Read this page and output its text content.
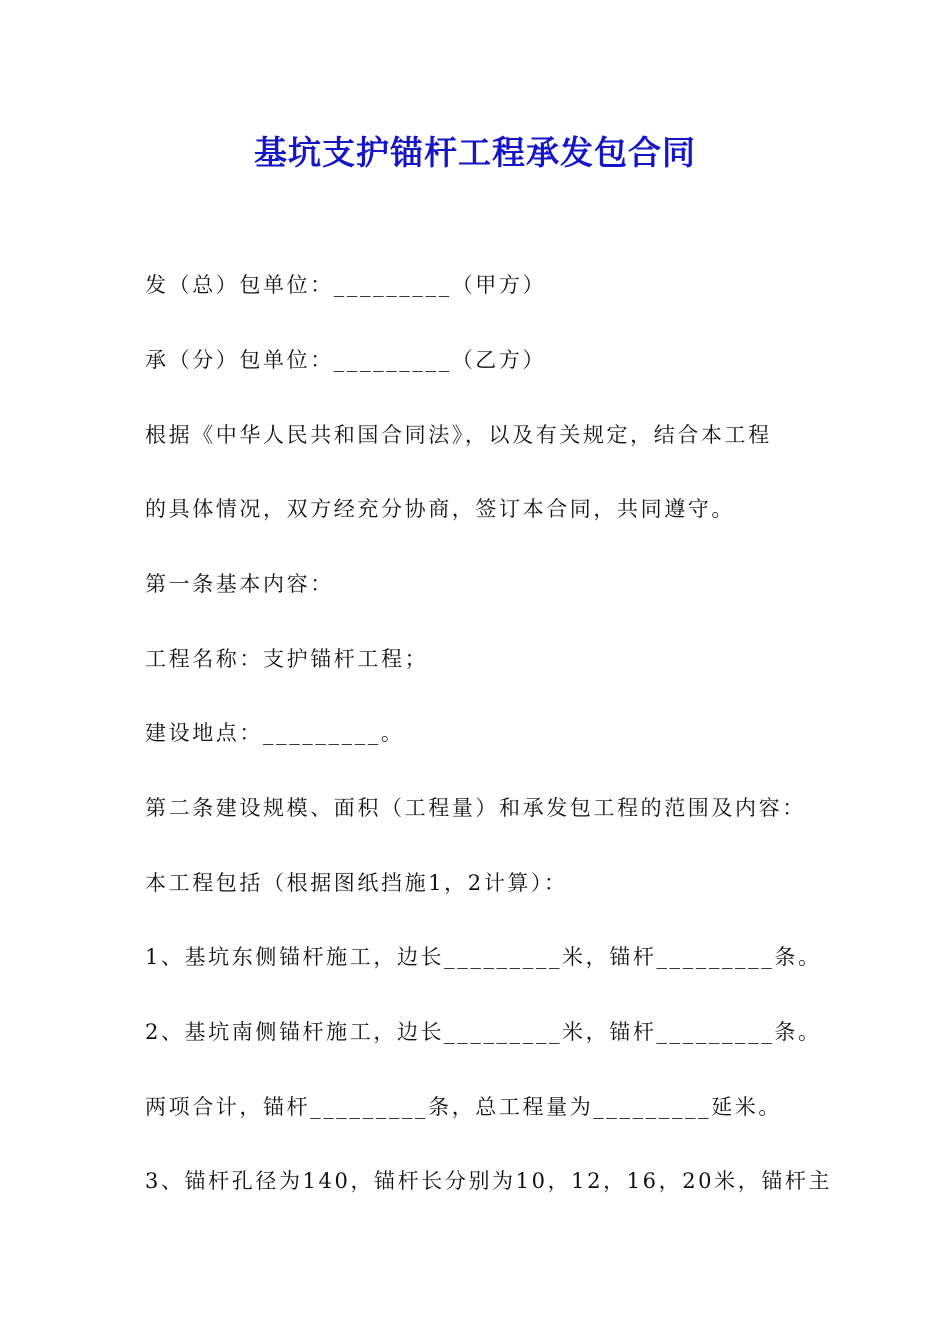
基坑支护锚杆工程承发包合同
发（总）包单位：_________（甲方）
承（分）包单位：_________（乙方）
根据《中华人民共和国合同法》，以及有关规定，结合本工程
的具体情况，双方经充分协商，签订本合同，共同遵守。
第一条基本内容：
工程名称：支护锚杆工程；
建设地点：_________。
第二条建设规模、面积（工程量）和承发包工程的范围及内容：
本工程包括（根据图纸挡施1，2计算）：
1、基坑东侧锚杆施工，边长_________米，锚杆_________条。
2、基坑南侧锚杆施工，边长_________米，锚杆_________条。
两项合计，锚杆_________条，总工程量为_________延米。
3、锚杆孔径为140，锚杆长分别为10，12，16，20米，锚杆主
